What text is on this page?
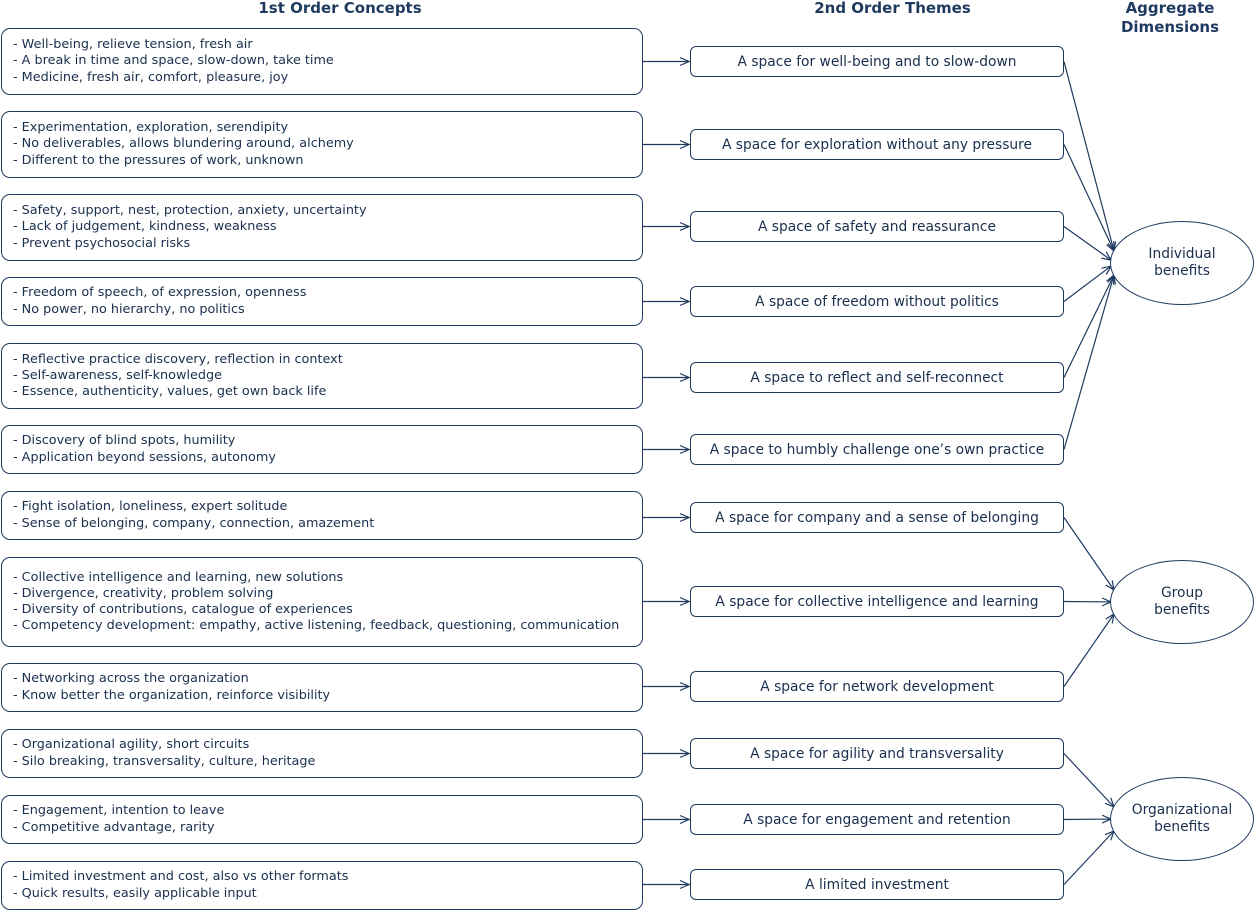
1st Order Concepts	2nd Order Themes	Aggregate
Dimensions
- Well-being, relieve tension, fresh air
- A break in time and space, slow-down, take time
- Medicine, fresh air, comfort, pleasure, joy
- Experimentation, exploration, serendipity
- No deliverables, allows blundering around, alchemy
- Different to the pressures of work, unknown
- Safety, support, nest, protection, anxiety, uncertainty
- Lack of judgement, kindness, weakness
- Prevent psychosocial risks
- Freedom of speech, of expression, openness
- No power, no hierarchy, no politics
- Reflective practice discovery, reflection in context
- Self-awareness, self-knowledge
- Essence, authenticity, values, get own back life
- Discovery of blind spots, humility
- Application beyond sessions, autonomy
- Fight isolation, loneliness, expert solitude
- Sense of belonging, company, connection, amazement
- Collective intelligence and learning, new solutions
- Divergence, creativity, problem solving
- Diversity of contributions, catalogue of experiences
- Competency development: empathy, active listening, feedback, questioning, communication
- Networking across the organization
- Know better the organization, reinforce visibility
- Organizational agility, short circuits
- Silo breaking, transversality, culture, heritage
- Engagement, intention to leave
- Competitive advantage, rarity
- Limited investment and cost, also vs other formats
- Quick results, easily applicable input
A space for well-being and to slow-down
A space for exploration without any pressure
A space of safety and reassurance
A space of freedom without politics
A space to reflect and self-reconnect
A space to humbly challenge one’s own practice
A space for company and a sense of belonging
A space for collective intelligence and learning
A space for network development
A space for agility and transversality
A space for engagement and retention
A limited investment
Individual
benefits
Group
benefits
Organizational
benefits
